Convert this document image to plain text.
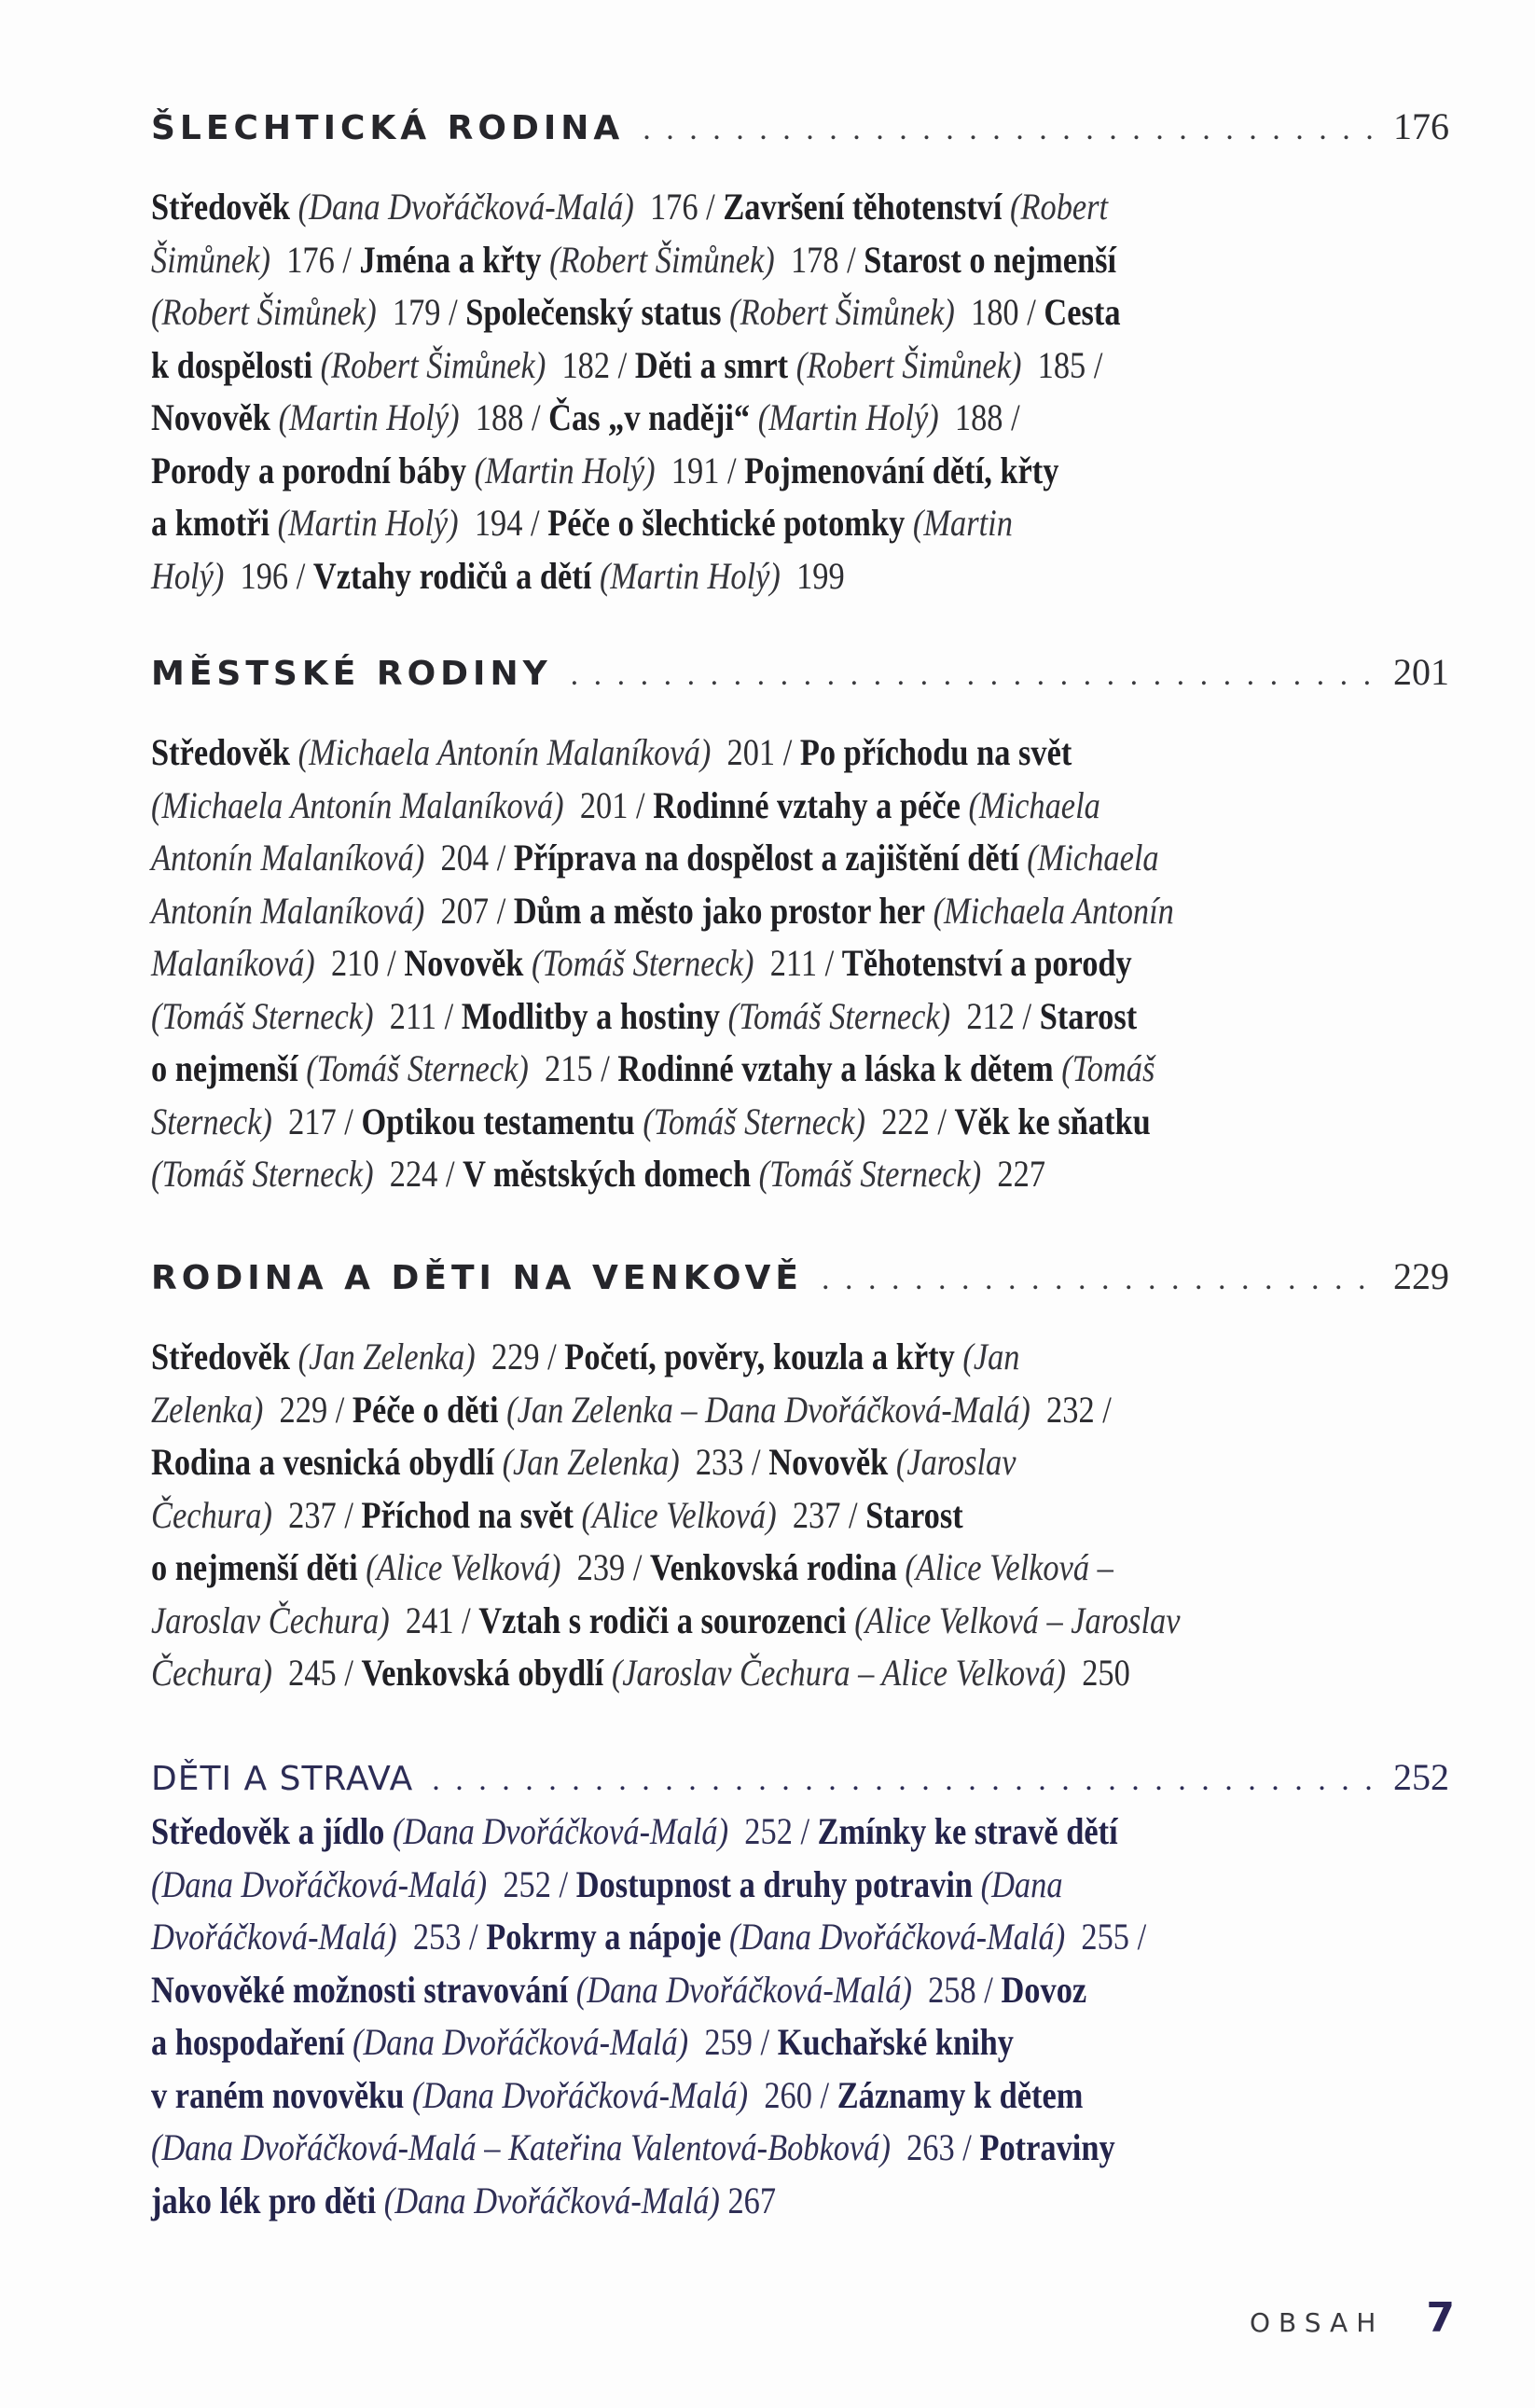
ŠLECHTICKÁ RODINA . . .	176
Středověk (Dana Dvořáčková-Malá)  176 / Završení těhotenství (Robert
Šimůnek)  176 / Jména a křty (Robert Šimůnek)  178 / Starost o nejmenší
(Robert Šimůnek)  179 / Společenský status (Robert Šimůnek)  180 / Cesta
k dospělosti (Robert Šimůnek)  182 / Děti a smrt (Robert Šimůnek)  185 /
Novověk (Martin Holý)  188 / Čas „v naději“ (Martin Holý)  188 /
Porody a porodní báby (Martin Holý)  191 / Pojmenování dětí, křty
a kmotři (Martin Holý)  194 / Péče o šlechtické potomky (Martin
Holý)  196 / Vztahy rodičů a dětí (Martin Holý)  199
MĚSTSKÉ RODINY . . .	201
Středověk (Michaela Antonín Malaníková)  201 / Po příchodu na svět
(Michaela Antonín Malaníková)  201 / Rodinné vztahy a péče (Michaela
Antonín Malaníková)  204 / Příprava na dospělost a zajištění dětí (Michaela
Antonín Malaníková)  207 / Dům a město jako prostor her (Michaela Antonín
Malaníková)  210 / Novověk (Tomáš Sterneck)  211 / Těhotenství a porody
(Tomáš Sterneck)  211 / Modlitby a hostiny (Tomáš Sterneck)  212 / Starost
o nejmenší (Tomáš Sterneck)  215 / Rodinné vztahy a láska k dětem (Tomáš
Sterneck)  217 / Optikou testamentu (Tomáš Sterneck)  222 / Věk ke sňatku
(Tomáš Sterneck)  224 / V městských domech (Tomáš Sterneck)  227
RODINA A DĚTI NA VENKOVĚ . . .	229
Středověk (Jan Zelenka)  229 / Početí, pověry, kouzla a křty (Jan
Zelenka)  229 / Péče o děti (Jan Zelenka – Dana Dvořáčková-Malá)  232 /
Rodina a vesnická obydlí (Jan Zelenka)  233 / Novověk (Jaroslav
Čechura)  237 / Příchod na svět (Alice Velková)  237 / Starost
o nejmenší děti (Alice Velková)  239 / Venkovská rodina (Alice Velková –
Jaroslav Čechura)  241 / Vztah s rodiči a sourozenci (Alice Velková – Jaroslav
Čechura)  245 / Venkovská obydlí (Jaroslav Čechura – Alice Velková)  250
DĚTI A STRAVA . . .	252
Středověk a jídlo (Dana Dvořáčková-Malá)  252 / Zmínky ke stravě dětí
(Dana Dvořáčková-Malá)  252 / Dostupnost a druhy potravin (Dana
Dvořáčková-Malá)  253 / Pokrmy a nápoje (Dana Dvořáčková-Malá)  255 /
Novověké možnosti stravování (Dana Dvořáčková-Malá)  258 / Dovoz
a hospodaření (Dana Dvořáčková-Malá)  259 / Kuchařské knihy
v raném novověku (Dana Dvořáčková-Malá)  260 / Záznamy k dětem
(Dana Dvořáčková-Malá – Kateřina Valentová-Bobková)  263 / Potraviny
jako lék pro děti (Dana Dvořáčková-Malá) 267
OBSAH 7
